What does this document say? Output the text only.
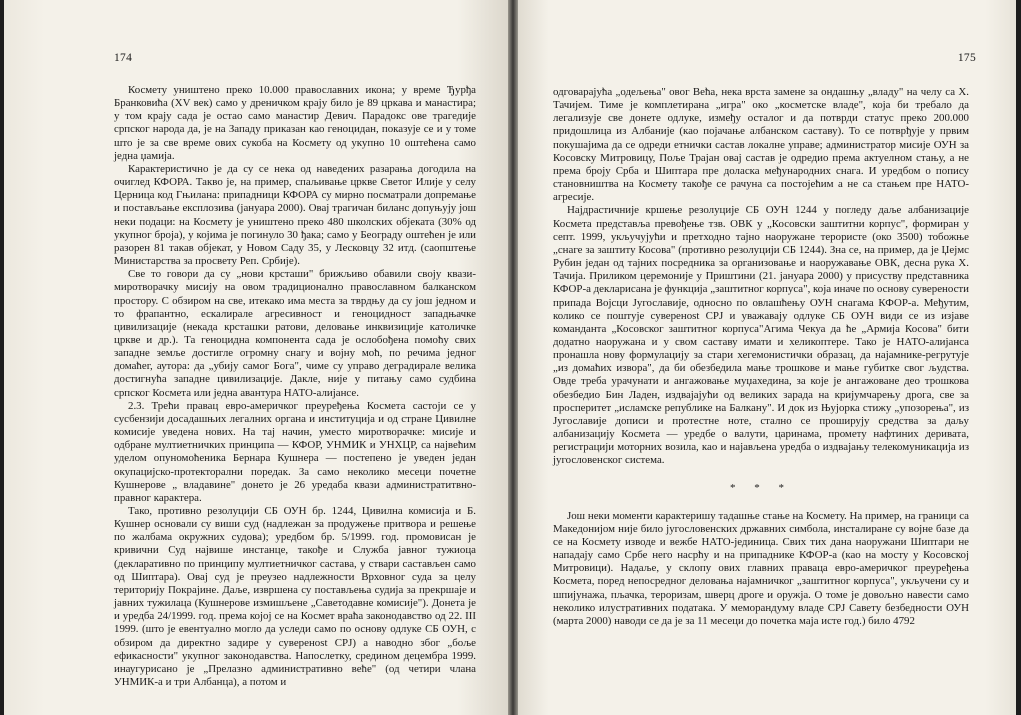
174

Космету уништено преко 10.000 православних икона; у време Ђурђа Бранковића (XV век) само у дреничком крају било је 89 цркава и манастира; у том крају сада је остао само манастир Девич. Парадокс ове трагедије српског народа да, је на Западу приказан као геноцидан, показује се и у томе што је за све време ових сукоба на Космету од укупно 10 оштећена само једна џамија.

Карактеристично је да су се нека од наведених разарања догодила на очиглед КФОРА. Такво је, на пример, спаљивање цркве Светог Илије у селу Церница код Гњилана: припадници КФОРА су мирно посматрали допремање и постављање експлозива (јануара 2000). Овај трагичан биланс допуњују још неки подаци: на Космету је уништено преко 480 школских објеката (30% од укупног броја), у којима је погинуло 30 ђака; само у Београду оштећен је или разорен 81 такав објекат, у Новом Саду 35, у Лесковцу 32 итд. (саопштење Министарства за просвету Реп. Србије).

Све то говори да су „нови крсташи" брижљиво обавили своју квази-миротворачку мисију на овом традиционално православном балканском простору. С обзиром на све, итекако има места за тврдњу да су још једном и то фрапантно, ескалирале агресивност и геноцидност западњачке цивилизације (некада крсташки ратови, деловање инквизиције католичке цркве и др.). Та геноцидна компонента сада је ослобођена помоћу свих западне земље достигле огромну снагу и војну моћ, по речима једног домаћег, аутора: да „убију самог Бога", чиме су управо деградирале велика достигнућа западне цивилизације. Дакле, није у питању само судбина српског Космета или једна авантура НАТО-алијансе.

2.3. Трећи правац евро-америчког преуређења Космета састоји се у сусбензији досадашњих легалних органа и институција и од стране Цивилне комисије уведена нових. На тај начин, уместо миротворачке: мисије и одбране мултиетничких принципа — КФОР, УНМИК и УНХЦР, са највећим уделом опуномоћеника Бернара Кушнера — постепено је уведен један окупацијско-протекторални поредак. За само неколико месеци почетне Кушнерове „ владавине" донето је 26 уредаба квази администратитвно-правног карактера.

Тако, противно резолуцији СБ ОУН бр. 1244, Цивилна комисија и Б. Кушнер основали су виши суд (надлежан за продужење притвора и решење по жалбама окружних судова); уредбом бр. 5/1999. год. промовисан је кривични Суд највише инстанце, такође и Служба јавног тужиоца (декларативно по принципу мултиетничког састава, у ствари састављен само од Шиптара). Овај суд је преузео надлежности Врховног суда за целу територију Покрајине. Даље, извршена су постављења судија за прекршаје и јавних тужилаца (Кушнерове измишљене „Саветодавне комисије"). Донета је и уредба 24/1999. год. према којој се на Космет враћа законодавство од 22. III 1999. (што је евентуално могло да уследи само по основу одлуке СБ ОУН, с обзиром да директно задире у суверенost СРЈ) а наводно због „боље ефикасности" укупног законодавства. Напослетку, средином децембра 1999. инаугурисано је „Прелазно административно веће" (од четири члана УНМИК-а и три Албанца), а потом и

175

одговарајућа „одељења" овог Већа, нека врста замене за ондашњу „владу" на челу са Х. Тачијем. Тиме је комплетирана „игра" око „косметске владе", која би требало да легализује све донете одлуке, између осталог и да потврди статус преко 200.000 придошлица из Албаније (као појачање албанском саставу). То се потврђује у првим покушајима да се одреди етнички састав локалне управе; администратор мисије ОУН за Косовску Митровицу, Пољe Трајан овај састав је одредио према актуелном стању, а не према броју Срба и Шиптара пре доласка међународних снага. И уредбом о попису становништва на Космету такође се рачуна са постојећим а не са стањем пре НАТО-агресије.

Најдрастичније кршење резолуције СБ ОУН 1244 у погледу даље албанизације Космета представља превођење тзв. ОВК у „Косовски заштитни корпус", формиран у септ. 1999, укључујући и претходно тајно наоружане терористе (око 3500) тобожње „снаге за заштиту Косова" (противно резолуцији СБ 1244). Зна се, на пример, да је Џејмс Рубин један од тајних посредника за организовање и наоружавање ОВК, десна рука Х. Тачија. Приликом церемоније у Приштини (21. јануара 2000) у присуству представника КФОР-а декларисана је функција „заштитног корпуса", која иначе по основу суверености припада Војсци Југославије, односно по овлашћењу ОУН снагама КФОР-а. Међутим, колико се поштује суверенost СРЈ и уважавају одлуке СБ ОУН види се из изјаве команданта „Косовског заштитног корпуса"Агима Чекуа да ће „Армија Косова" бити додатно наоружана и у свом саставу имати и хеликоптере. Тако је НАТО-алијанса пронашла нову формулацију за стари хегемонистички образац, да најамнике-регрутује „из домаћих извора", да би обезбедила мање трошкове и мање губитке свог људства. Овде треба урачунати и ангажовање муџахедина, за које је ангажоване део трошкова обезбедио Бин Ладен, издвајајући од великих зарада на кријумчарењу дрога, све за просперитет „исламске републике на Балкану". И док из Њујорка стижу „упозорења", из Југославије дописи и протестне ноте, стално се проширују средства за даљу албанизацију Космета — уредбе о валути, царинама, промету нафтиних деривата, регистрацији моторних возила, као и најављена уредба о издвајању телекомуникација из југословенског система.

* * *

Још неки моменти карактеришу тадашње стање на Космету. На пример, на граници са Македонијом није било југословенских државних симбола, инсталиране су војне базе да се на Космету изводе и вежбе НАТО-јединица. Свих тих дана наоружани Шиптари не нападају само Србе него насрћу и на припаднике КФОР-а (као на мосту у Косовској Митровици). Надаље, у склопу ових главних праваца евро-америчког преуређења Космета, поред непосредног деловања најамничког „заштитног корпуса", укључени су и шпијунажа, пљачка, тероризам, шверц дроге и оружја. О томе је довољно навести само неколико илустративних података. У меморандуму владе СРЈ Савету безбедности ОУН (марта 2000) наводи се да је за 11 месеци до почетка маја исте год.) било 4792
